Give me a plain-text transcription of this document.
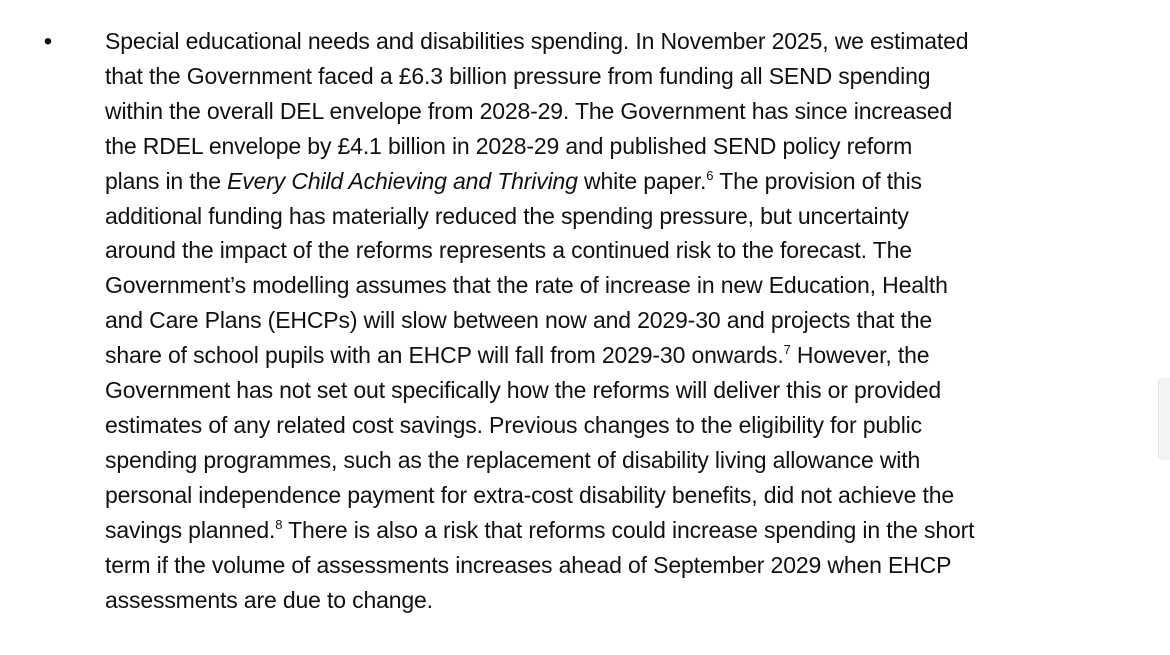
• Special educational needs and disabilities spending. In November 2025, we estimated
that the Government faced a £6.3 billion pressure from funding all SEND spending
within the overall DEL envelope from 2028-29. The Government has since increased
the RDEL envelope by £4.1 billion in 2028-29 and published SEND policy reform
plans in the Every Child Achieving and Thriving white paper.$^6$ The provision of this
additional funding has materially reduced the spending pressure, but uncertainty
around the impact of the reforms represents a continued risk to the forecast. The
Government’s modelling assumes that the rate of increase in new Education, Health
and Care Plans (EHCPs) will slow between now and 2029-30 and projects that the
share of school pupils with an EHCP will fall from 2029-30 onwards.$^7$ However, the
Government has not set out specifically how the reforms will deliver this or provided
estimates of any related cost savings. Previous changes to the eligibility for public
spending programmes, such as the replacement of disability living allowance with
personal independence payment for extra-cost disability benefits, did not achieve the
savings planned.$^8$ There is also a risk that reforms could increase spending in the short
term if the volume of assessments increases ahead of September 2029 when EHCP
assessments are due to change.
